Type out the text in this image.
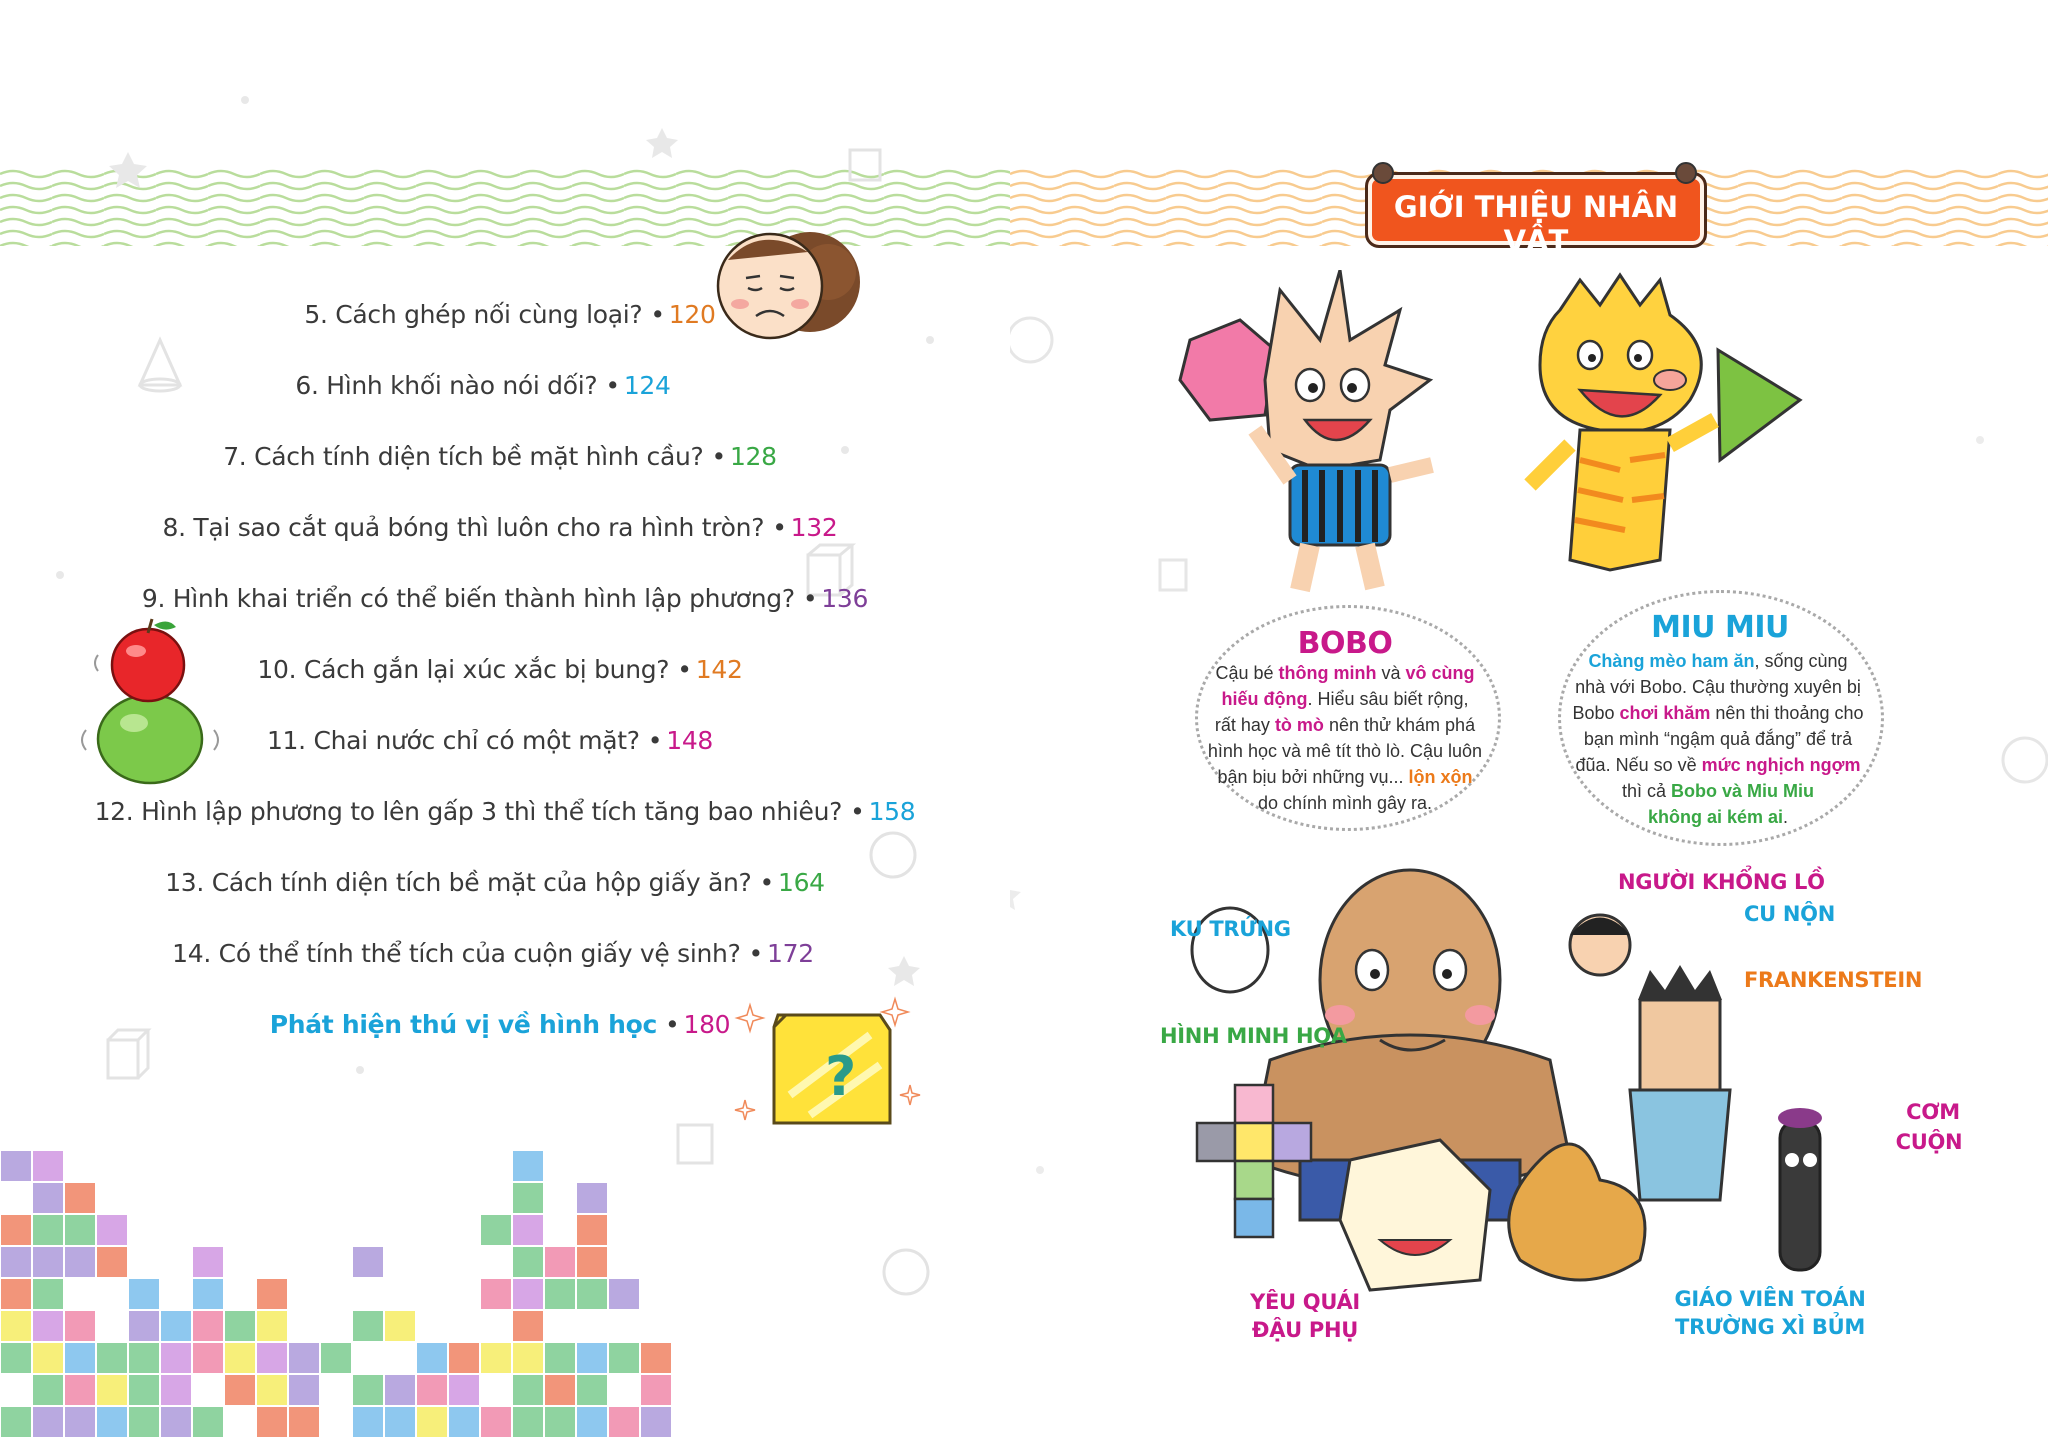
?
5. Cách ghép nối cùng loại? • 120
6. Hình khối nào nói dối? • 124
7. Cách tính diện tích bề mặt hình cầu? • 128
8. Tại sao cắt quả bóng thì luôn cho ra hình tròn? • 132
9. Hình khai triển có thể biến thành hình lập phương? • 136
10. Cách gắn lại xúc xắc bị bung? • 142
11. Chai nước chỉ có một mặt? • 148
12. Hình lập phương to lên gấp 3 thì thể tích tăng bao nhiêu? • 158
13. Cách tính diện tích bề mặt của hộp giấy ăn? • 164
14. Có thể tính thể tích của cuộn giấy vệ sinh? • 172
Phát hiện thú vị về hình học • 180
GIỚI THIỆU NHÂN VẬT
BOBO
Cậu bé thông minh và vô cùng
hiếu động. Hiểu sâu biết rộng,
rất hay tò mò nên thử khám phá
hình học và mê tít thò lò. Cậu luôn
bận bịu bởi những vụ... lộn xộn
do chính mình gây ra.
MIU MIU
Chàng mèo ham ăn, sống cùng
nhà với Bobo. Cậu thường xuyên bị
Bobo chơi khăm nên thi thoảng cho
bạn mình “ngậm quả đắng” để trả
đũa. Nếu so về mức nghịch ngợm
thì cả Bobo và Miu Miu
không ai kém ai.
NGƯỜI KHỔNG LỒ
CU NỘN
KU TRỨNG
FRANKENSTEIN
HÌNH MINH HỌA
CƠM
CUỘN
YÊU QUÁI
ĐẬU PHỤ
GIÁO VIÊN TOÁN
TRƯỜNG XÌ BỦM
